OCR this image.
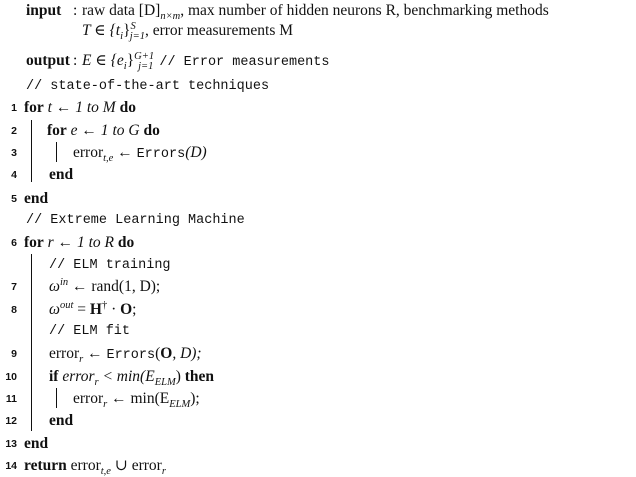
input : raw data $[D]_{n\times m}$, max number of hidden neurons R, benchmarking methods
T ∈ $\{t_i\}^S_{j=1}$, error measurements M
output : E ∈ $\{e_i\}^{G+1}_{j=1}$ // Error measurements
// state-of-the-art techniques
1 for t ← 1 to M do
2 for e ← 1 to G do
3	error$_{t,e}$ ← Errors(D)
4 end
5 end
// Extreme Learning Machine
6 for r ← 1 to R do
// ELM training
7 $\omega^{in}$ ← rand(1, D);
8 $\omega^{out} = H^\dagger \cdot O$;
// ELM fit
9 error$_r$ ← Errors(O, D);
10 if error$_r$ < $\min(E_{ELM})$ then
11	error$_r$ ← $\min(E_{ELM})$;
12 end
13 end
14 return error$_{t,e}$ ∪ error$_r$
